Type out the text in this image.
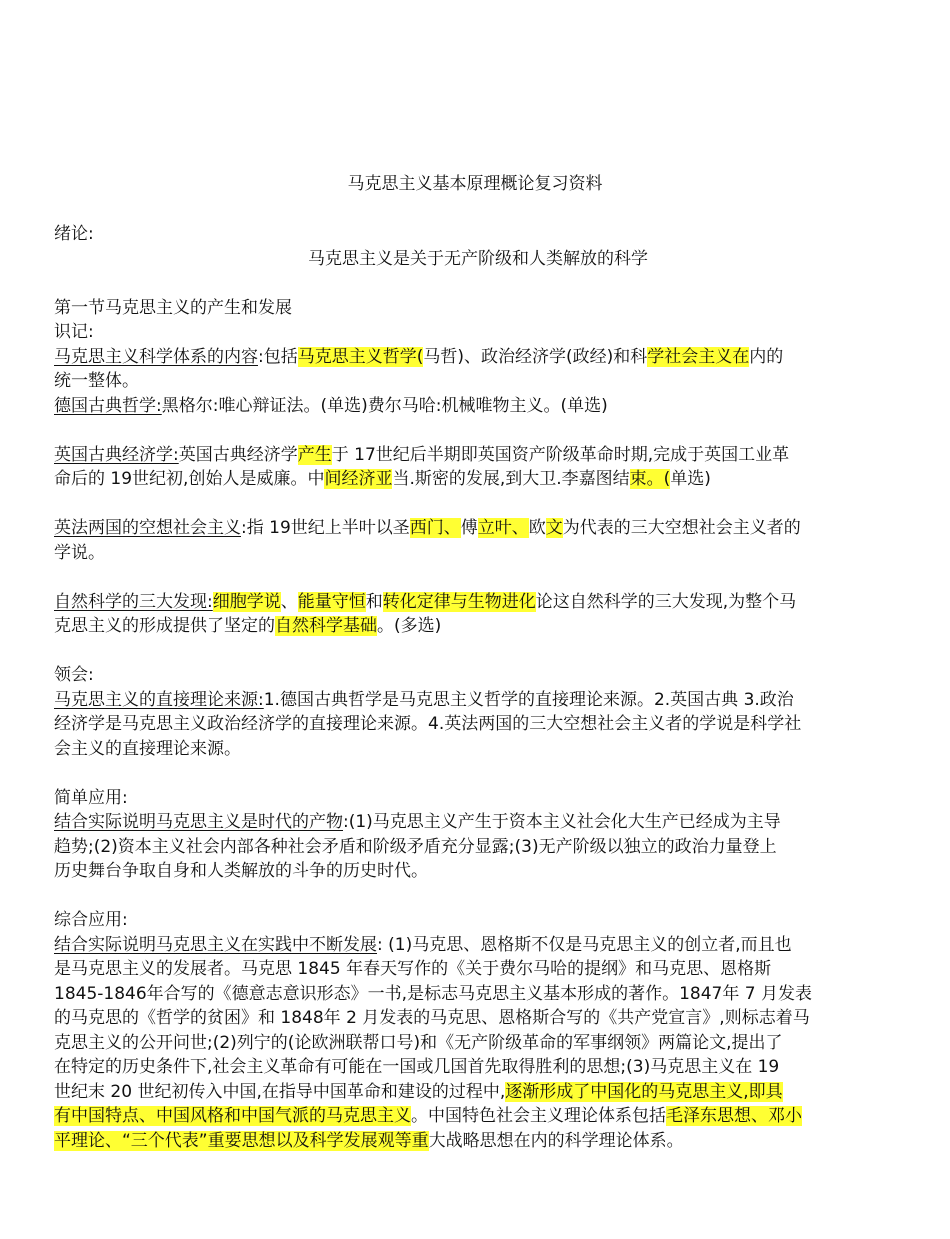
马克思主义基本原理概论复习资料
绪论:
马克思主义是关于无产阶级和人类解放的科学
第一节马克思主义的产生和发展
识记:
马克思主义科学体系的内容:包括马克思主义哲学(马哲)、政治经济学(政经)和科学社会主义在内的
统一整体。
德国古典哲学:黑格尔:唯心辩证法。(单选)费尔马哈:机械唯物主义。(单选)
英国古典经济学:英国古典经济学产生于 17世纪后半期即英国资产阶级革命时期,完成于英国工业革
命后的 19世纪初,创始人是威廉。中间经济亚当.斯密的发展,到大卫.李嘉图结束。(单选)
英法两国的空想社会主义:指 19世纪上半叶以圣西门、傅立叶、欧文为代表的三大空想社会主义者的
学说。
自然科学的三大发现:细胞学说、能量守恒和转化定律与生物进化论这自然科学的三大发现,为整个马
克思主义的形成提供了坚定的自然科学基础。(多选)
领会:
马克思主义的直接理论来源:1.德国古典哲学是马克思主义哲学的直接理论来源。2.英国古典 3.政治
经济学是马克思主义政治经济学的直接理论来源。4.英法两国的三大空想社会主义者的学说是科学社
会主义的直接理论来源。
简单应用:
结合实际说明马克思主义是时代的产物:(1)马克思主义产生于资本主义社会化大生产已经成为主导
趋势;(2)资本主义社会内部各种社会矛盾和阶级矛盾充分显露;(3)无产阶级以独立的政治力量登上
历史舞台争取自身和人类解放的斗争的历史时代。
综合应用:
结合实际说明马克思主义在实践中不断发展: (1)马克思、恩格斯不仅是马克思主义的创立者,而且也
是马克思主义的发展者。马克思 1845 年春天写作的《关于费尔马哈的提纲》和马克思、恩格斯
1845-1846年合写的《德意志意识形态》一书,是标志马克思主义基本形成的著作。1847年 7 月发表
的马克思的《哲学的贫困》和 1848年 2 月发表的马克思、恩格斯合写的《共产党宣言》,则标志着马
克思主义的公开问世;(2)列宁的(论欧洲联帮口号)和《无产阶级革命的军事纲领》两篇论文,提出了
在特定的历史条件下,社会主义革命有可能在一国或几国首先取得胜利的思想;(3)马克思主义在 19
世纪末 20 世纪初传入中国,在指导中国革命和建设的过程中,逐渐形成了中国化的马克思主义,即具
有中国特点、中国风格和中国气派的马克思主义。中国特色社会主义理论体系包括毛泽东思想、邓小
平理论、“三个代表”重要思想以及科学发展观等重大战略思想在内的科学理论体系。
